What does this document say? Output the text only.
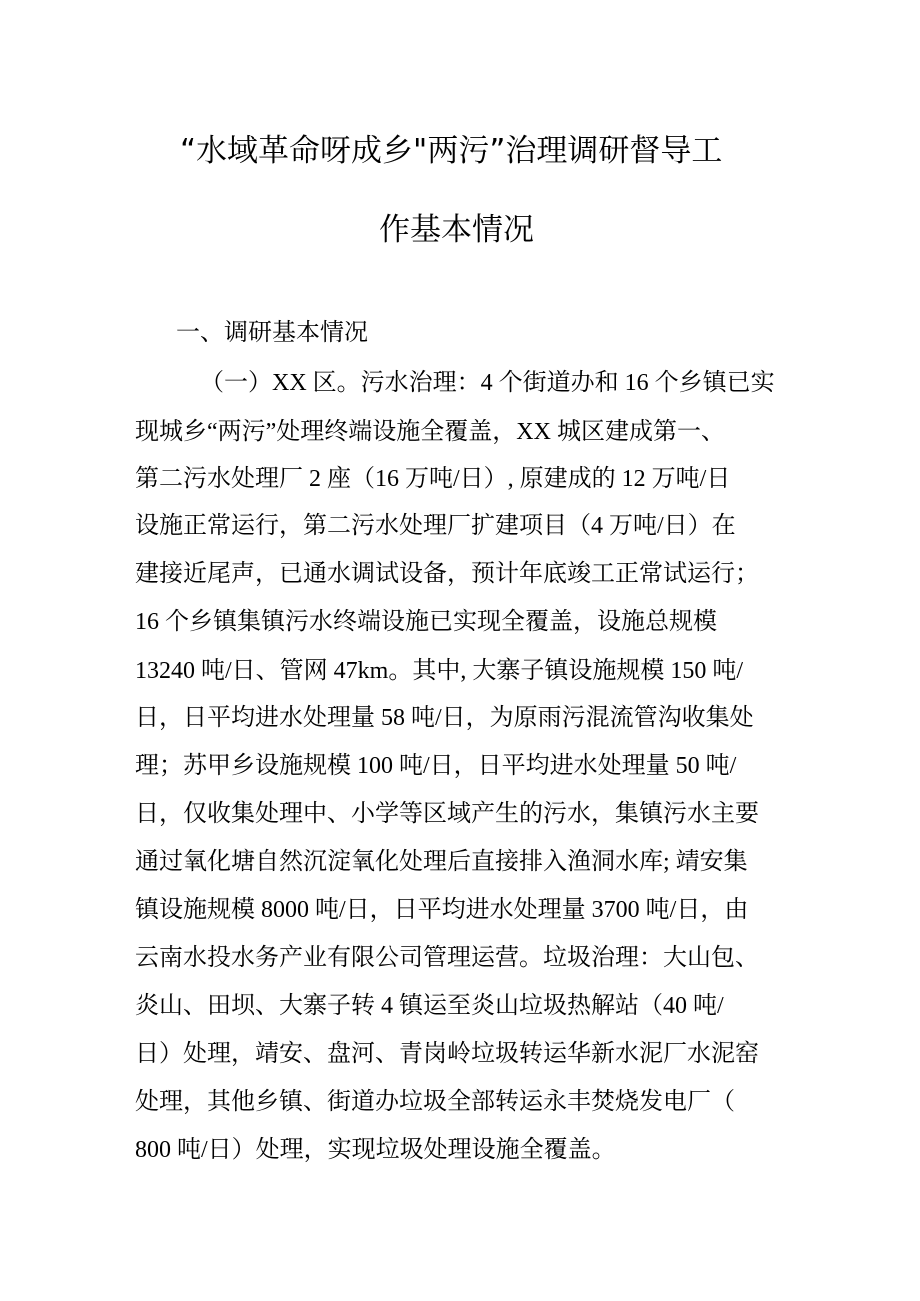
“水域革命呀成乡"两污”治理调研督导工
作基本情况
一、调研基本情况

（一）XX 区。污水治理：4 个街道办和 16 个乡镇已实

现城乡“两污”处理终端设施全覆盖，XX 城区建成第一、

第二污水处理厂 2 座（16 万吨/日）, 原建成的 12 万吨/日

设施正常运行，第二污水处理厂扩建项目（4 万吨/日）在

建接近尾声，已通水调试设备，预计年底竣工正常试运行；

16 个乡镇集镇污水终端设施已实现全覆盖，设施总规模

13240 吨/日、管网 47km。其中, 大寨子镇设施规模 150 吨/

日，日平均进水处理量 58 吨/日，为原雨污混流管沟收集处

理；苏甲乡设施规模 100 吨/日，日平均进水处理量 50 吨/

日，仅收集处理中、小学等区域产生的污水，集镇污水主要

通过氧化塘自然沉淀氧化处理后直接排入渔洞水库; 靖安集

镇设施规模 8000 吨/日，日平均进水处理量 3700 吨/日，由

云南水投水务产业有限公司管理运营。垃圾治理：大山包、

炎山、田坝、大寨子转 4 镇运至炎山垃圾热解站（40 吨/

日）处理，靖安、盘河、青岗岭垃圾转运华新水泥厂水泥窑

处理，其他乡镇、街道办垃圾全部转运永丰焚烧发电厂（

800 吨/日）处理，实现垃圾处理设施全覆盖。
